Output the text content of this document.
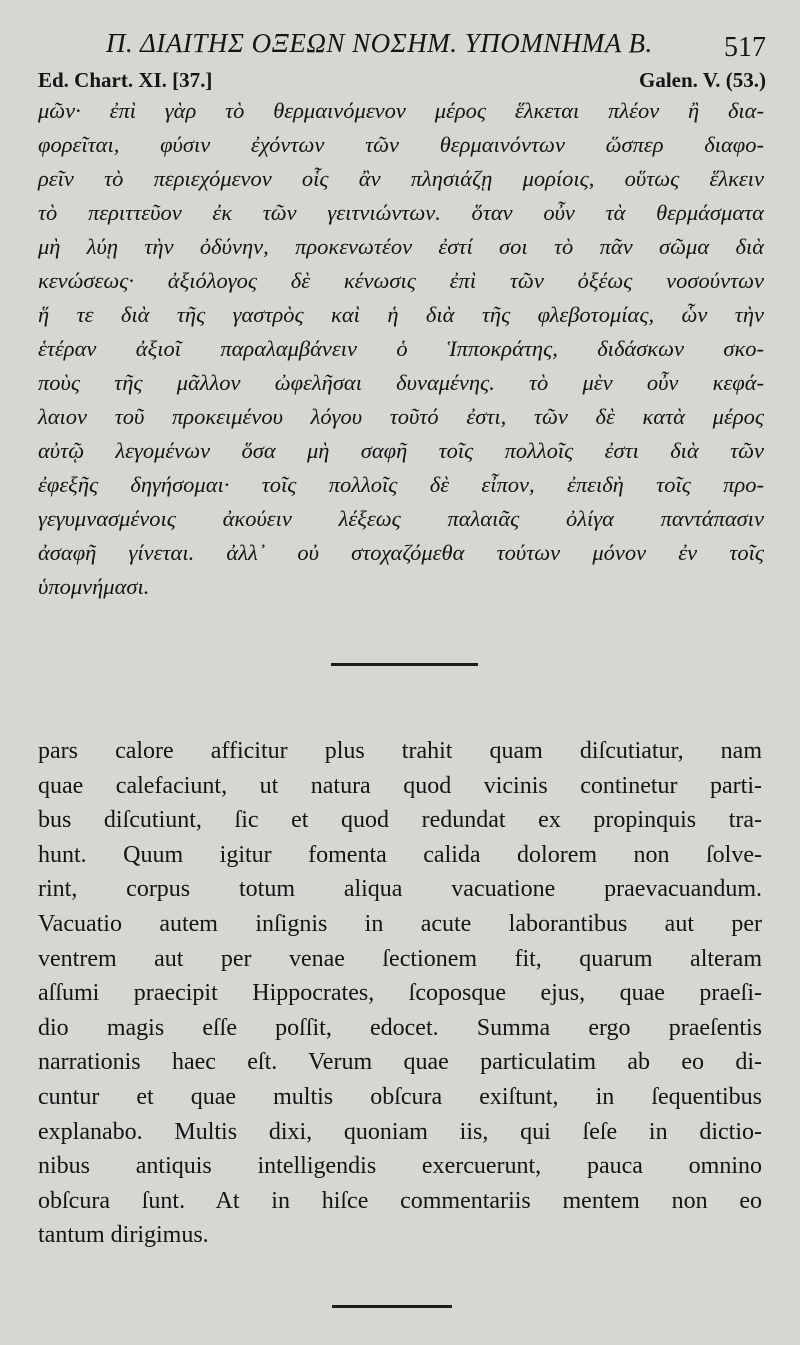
Π. ΔΙΑΙΤΗΣ ΟΞΕΩΝ ΝΟΣΗΜ. ΥΠΟΜΝΗΜΑ Β.	517
Ed. Chart. XI. [37.]	Galen. V. (53.)
μῶν· ἐπὶ γὰρ τὸ θερμαινόμενον μέρος ἕλκεται πλέον ἢ δια-
φορεῖται, φύσιν ἐχόντων τῶν θερμαινόντων ὥσπερ διαφο-
ρεῖν τὸ περιεχόμενον οἷς ἂν πλησιάζῃ μορίοις, οὕτως ἕλκειν
τὸ περιττεῦον ἐκ τῶν γειτνιώντων. ὅταν οὖν τὰ θερμάσματα
μὴ λύῃ τὴν ὀδύνην, προκενωτέον ἐστί σοι τὸ πᾶν σῶμα διὰ
κενώσεως· ἀξιόλογος δὲ κένωσις ἐπὶ τῶν ὀξέως νοσούντων
ἥ τε διὰ τῆς γαστρὸς καὶ ἡ διὰ τῆς φλεβοτομίας, ὧν τὴν
ἑτέραν ἀξιοῖ παραλαμβάνειν ὁ Ἱπποκράτης, διδάσκων σκο-
ποὺς τῆς μᾶλλον ὠφελῆσαι δυναμένης. τὸ μὲν οὖν κεφά-
λαιον τοῦ προκειμένου λόγου τοῦτό ἐστι, τῶν δὲ κατὰ μέρος
αὐτῷ λεγομένων ὅσα μὴ σαφῆ τοῖς πολλοῖς ἐστι διὰ τῶν
ἐφεξῆς δηγήσομαι· τοῖς πολλοῖς δὲ εἶπον, ἐπειδὴ τοῖς προ-
γεγυμνασμένοις ἀκούειν λέξεως παλαιᾶς ὀλίγα παντάπασιν
ἀσαφῆ γίνεται. ἀλλ᾽ οὐ στοχαζόμεθα τούτων μόνον ἐν τοῖς
ὑπομνήμασι.
pars calore afficitur plus trahit quam diſcutiatur, nam
quae calefaciunt, ut natura quod vicinis continetur parti-
bus diſcutiunt, ſic et quod redundat ex propinquis tra-
hunt. Quum igitur fomenta calida dolorem non ſolve-
rint, corpus totum aliqua vacuatione praevacuandum.
Vacuatio autem inſignis in acute laborantibus aut per
ventrem aut per venae ſectionem fit, quarum alteram
aſſumi praecipit Hippocrates, ſcoposque ejus, quae praeſi-
dio magis eſſe poſſit, edocet. Summa ergo praeſentis
narrationis haec eſt. Verum quae particulatim ab eo di-
cuntur et quae multis obſcura exiſtunt, in ſequentibus
explanabo. Multis dixi, quoniam iis, qui ſeſe in dictio-
nibus antiquis intelligendis exercuerunt, pauca omnino
obſcura ſunt. At in hiſce commentariis mentem non eo
tantum dirigimus.
